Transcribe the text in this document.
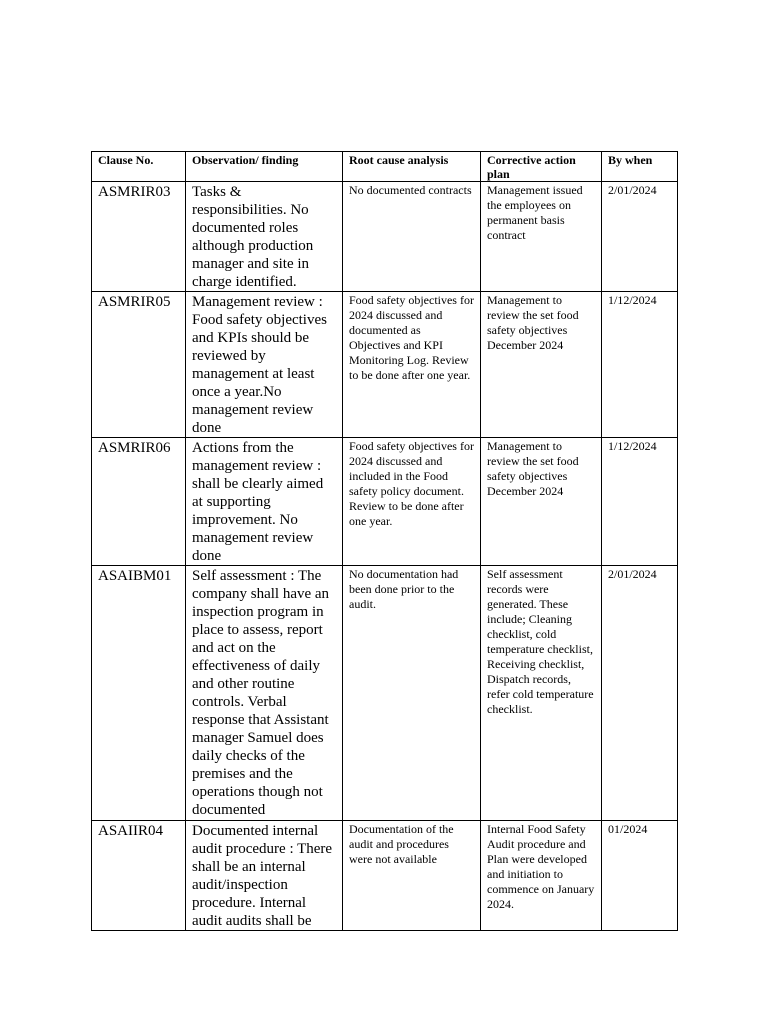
Clause No.	Observation/ finding	Root cause analysis	Corrective action plan	By when
ASMRIR03	Tasks & responsibilities. No documented roles although production manager and site in charge identified.	No documented contracts	Management issued the employees on permanent basis contract	2/01/2024
ASMRIR05	Management review : Food safety objectives and KPIs should be reviewed by management at least once a year.No management review done	Food safety objectives for 2024 discussed and documented as Objectives and KPI Monitoring Log. Review to be done after one year.	Management to review the set food safety objectives December 2024	1/12/2024
ASMRIR06	Actions from the management review : shall be clearly aimed at supporting improvement. No management review done	Food safety objectives for 2024 discussed and included in the Food safety policy document. Review to be done after one year.	Management to review the set food safety objectives December 2024	1/12/2024
ASAIBM01	Self assessment : The company shall have an inspection program in place to assess, report and act on the effectiveness of daily and other routine controls. Verbal response that Assistant manager Samuel does daily checks of the premises and the operations though not documented	No documentation had been done prior to the audit.	Self assessment records were generated. These include; Cleaning checklist, cold temperature checklist, Receiving checklist, Dispatch records, refer cold temperature checklist.	2/01/2024
ASAIIR04	Documented internal audit procedure : There shall be an internal audit/inspection procedure. Internal audit audits shall be	Documentation of the audit and procedures were not available	Internal Food Safety Audit procedure and Plan were developed and initiation to commence on January 2024.	01/2024
